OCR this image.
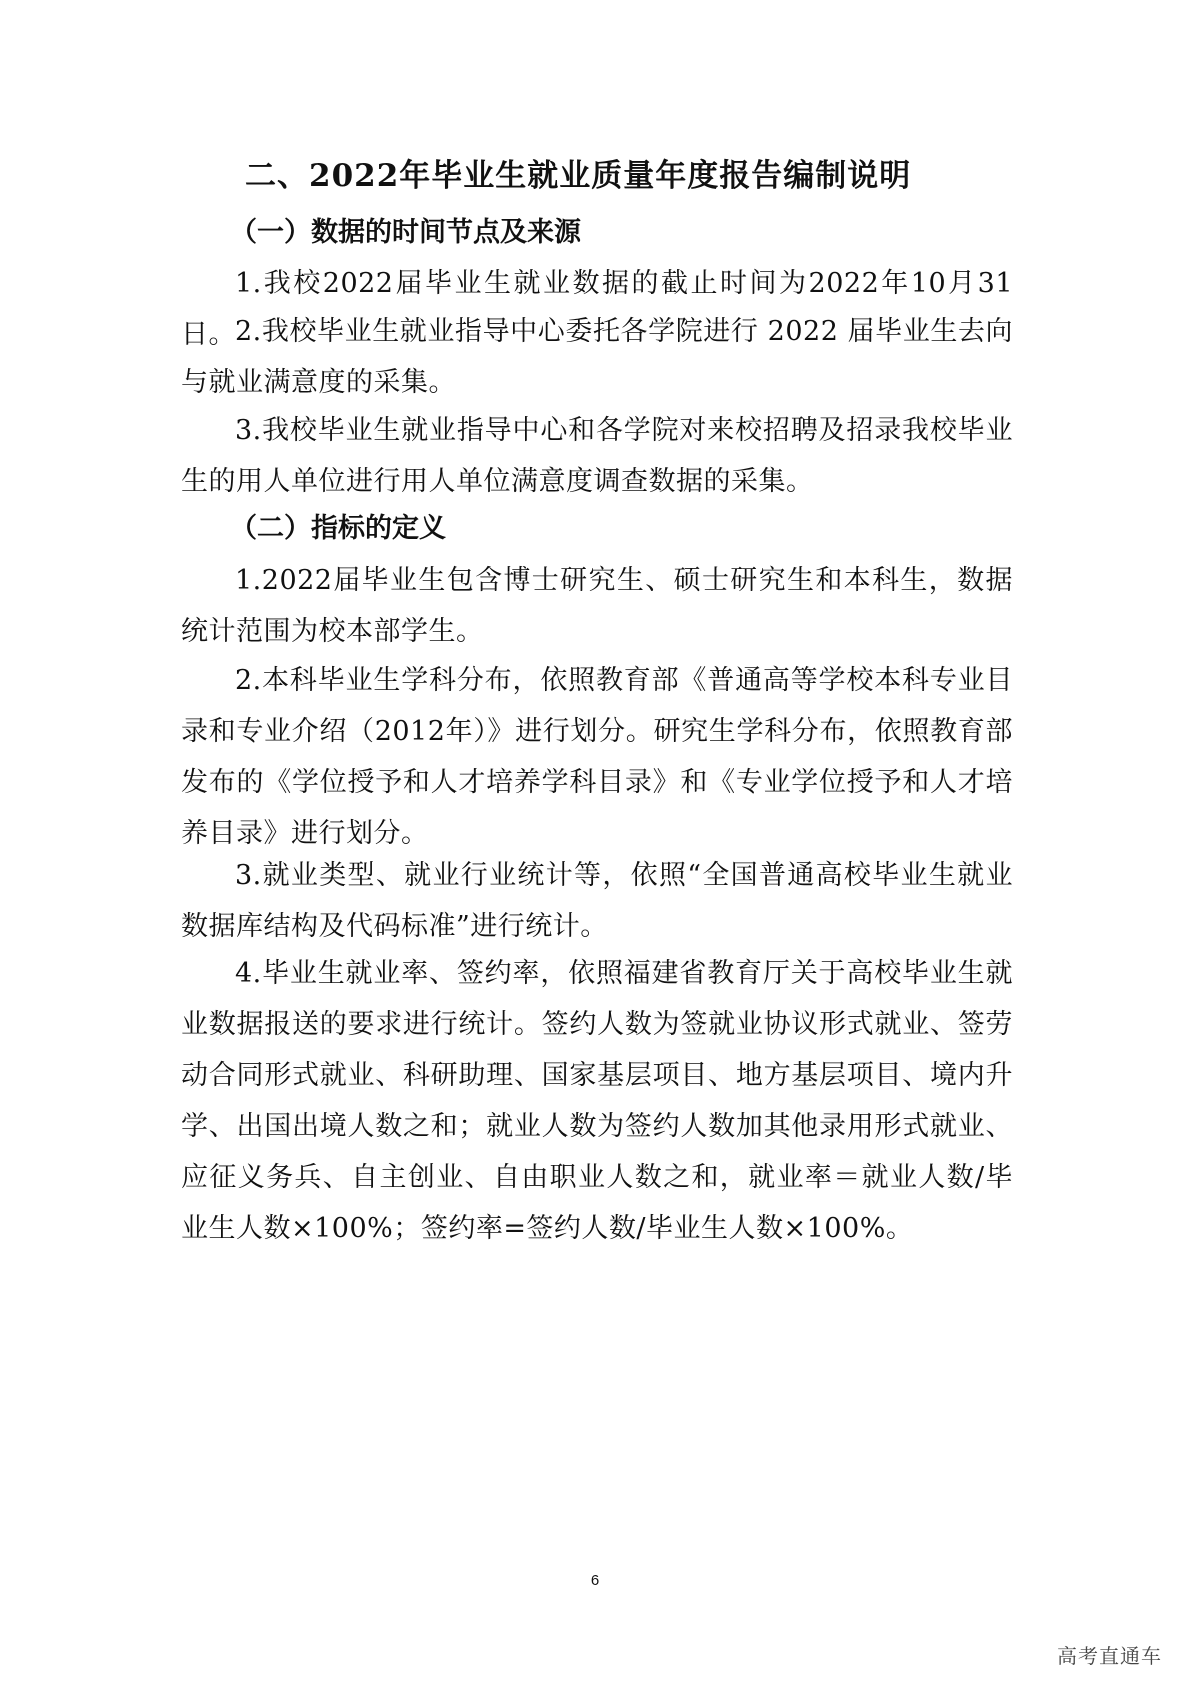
二、2022年毕业生就业质量年度报告编制说明
（一）数据的时间节点及来源
1.我校2022届毕业生就业数据的截止时间为2022年10月31日。 2.我校毕业生就业指导中心委托各学院进行 2022 届毕业生去向与就业满意度的采集。
3.我校毕业生就业指导中心和各学院对来校招聘及招录我校毕业生的用人单位进行用人单位满意度调查数据的采集。
（二）指标的定义
1.2022届毕业生包含博士研究生、硕士研究生和本科生，数据统计范围为校本部学生。
2.本科毕业生学科分布，依照教育部《普通高等学校本科专业目录和专业介绍（2012年）》进行划分。研究生学科分布，依照教育部发布的《学位授予和人才培养学科目录》和《专业学位授予和人才培养目录》进行划分。
3.就业类型、就业行业统计等，依照“全国普通高校毕业生就业数据库结构及代码标准”进行统计。
4.毕业生就业率、签约率，依照福建省教育厅关于高校毕业生就业数据报送的要求进行统计。签约人数为签就业协议形式就业、签劳动合同形式就业、科研助理、国家基层项目、地方基层项目、境内升学、出国出境人数之和；就业人数为签约人数加其他录用形式就业、应征义务兵、自主创业、自由职业人数之和，就业率＝就业人数/毕业生人数×100%；签约率=签约人数/毕业生人数×100%。
6
高考直通车
